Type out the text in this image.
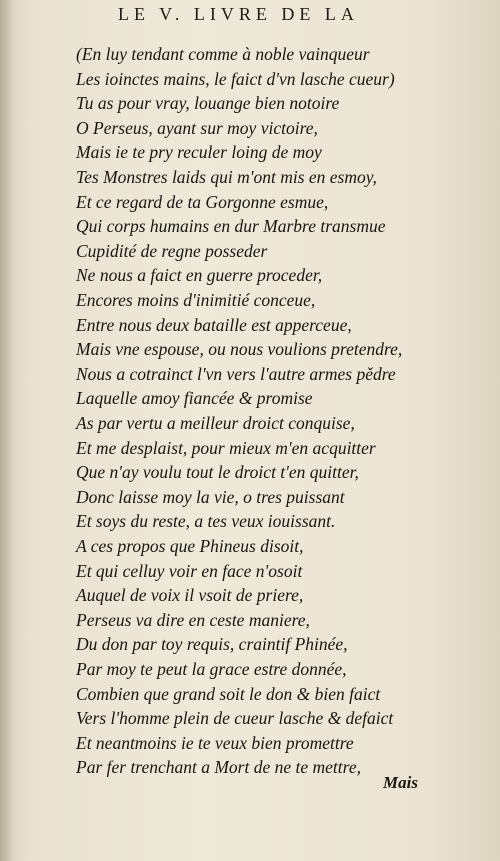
LE V. LIVRE DE LA
(En luy tendant comme à noble vainqueur
Les ioinctes mains, le faict d'vn lasche cueur)
Tu as pour vray, louange bien notoire
O Perseus, ayant sur moy victoire,
Mais ie te pry reculer loing de moy
Tes Monstres laids qui m'ont mis en esmoy,
Et ce regard de ta Gorgonne esmue,
Qui corps humains en dur Marbre transmue
Cupidité de regne posseder
Ne nous a faict en guerre proceder,
Encores moins d'inimitié conceue,
Entre nous deux bataille est apperceue,
Mais vne espouse, ou nous voulions pretendre,
Nous a cotrainct l'vn vers l'autre armes pědre
Laquelle amoy fiancée & promise
As par vertu a meilleur droict conquise,
Et me desplaist, pour mieux m'en acquitter
Que n'ay voulu tout le droict t'en quitter,
Donc laisse moy la vie, o tres puissant
Et soys du reste, a tes veux iouissant.
A ces propos que Phineus disoit,
Et qui celluy voir en face n'osoit
Auquel de voix il vsoit de priere,
Perseus va dire en ceste maniere,
Du don par toy requis, craintif Phinée,
Par moy te peut la grace estre donnée,
Combien que grand soit le don & bien faict
Vers l'homme plein de cueur lasche & defaict
Et neantmoins ie te veux bien promettre
Par fer trenchant a Mort de ne te mettre,
Mais
